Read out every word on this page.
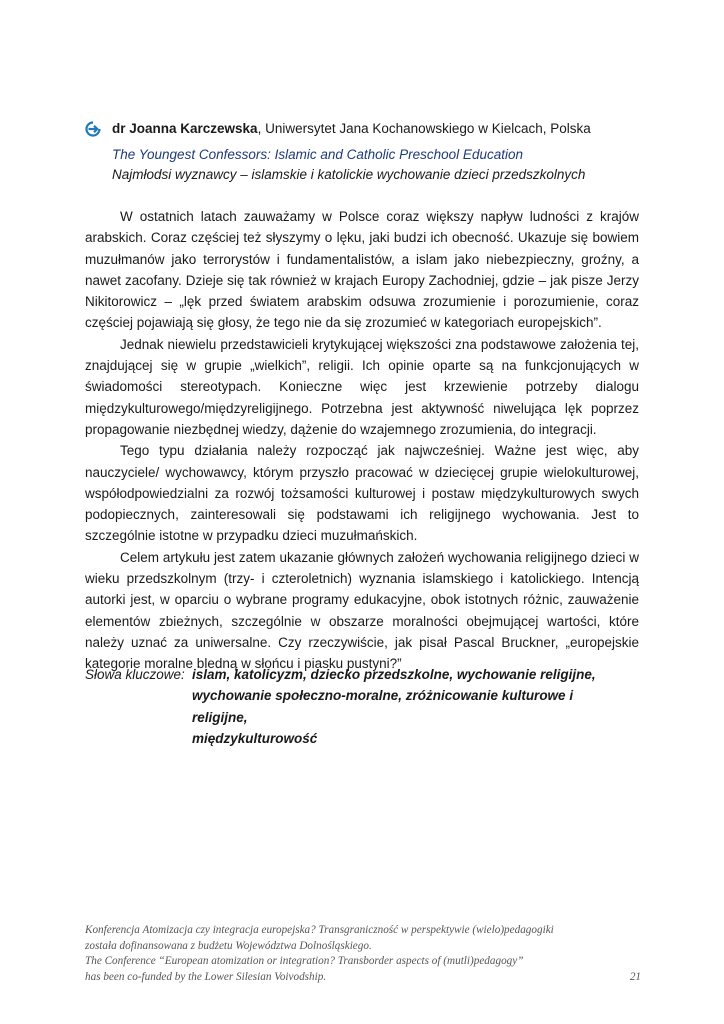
dr Joanna Karczewska, Uniwersytet Jana Kochanowskiego w Kielcach, Polska
The Youngest Confessors: Islamic and Catholic Preschool Education
Najmłodsi wyznawcy – islamskie i katolickie wychowanie dzieci przedszkolnych

W ostatnich latach zauważamy w Polsce coraz większy napływ ludności z krajów arabskich. Coraz częściej też słyszymy o lęku, jaki budzi ich obecność. Ukazuje się bowiem muzułmanów jako terrorystów i fundamentalistów, a islam jako niebezpieczny, groźny, a nawet zacofany. Dzieje się tak również w krajach Europy Zachodniej, gdzie – jak pisze Jerzy Nikitorowicz – „lęk przed światem arabskim odsuwa zrozumienie i porozumienie, coraz częściej pojawiają się głosy, że tego nie da się zrozumieć w kategoriach europejskich”.

Jednak niewielu przedstawicieli krytykującej większości zna podstawowe założenia tej, znajdującej się w grupie „wielkich”, religii. Ich opinie oparte są na funkcjonujących w świadomości stereotypach. Konieczne więc jest krzewienie potrzeby dialogu międzykulturowego/międzyreligijnego. Potrzebna jest aktywność niwelująca lęk poprzez propagowanie niezbędnej wiedzy, dążenie do wzajemnego zrozumienia, do integracji.

Tego typu działania należy rozpocząć jak najwcześniej. Ważne jest więc, aby nauczyciele/ wychowawcy, którym przyszło pracować w dziecięcej grupie wielokulturowej, współodpowiedzialni za rozwój tożsamości kulturowej i postaw międzykulturowych swych podopiecznych, zainteresowali się podstawami ich religijnego wychowania. Jest to szczególnie istotne w przypadku dzieci muzułmańskich.

Celem artykułu jest zatem ukazanie głównych założeń wychowania religijnego dzieci w wieku przedszkolnym (trzy- i czteroletnich) wyznania islamskiego i katolickiego. Intencją autorki jest, w oparciu o wybrane programy edukacyjne, obok istotnych różnic, zauważenie elementów zbieżnych, szczególnie w obszarze moralności obejmującej wartości, które należy uznać za uniwersalne. Czy rzeczywiście, jak pisał Pascal Bruckner, „europejskie kategorie moralne bledną w słońcu i piasku pustyni?”

Słowa kluczowe: islam, katolicyzm, dziecko przedszkolne, wychowanie religijne,
wychowanie społeczno-moralne, zróżnicowanie kulturowe i religijne,
międzykulturowość
Konferencja Atomizacja czy integracja europejska? Transgraniczność w perspektywie (wielo)pedagogiki
została dofinansowana z budżetu Województwa Dolnośląskiego.
The Conference “European atomization or integration? Transborder aspects of (mutli)pedagogy”
has been co-funded by the Lower Silesian Voivodship.	21
